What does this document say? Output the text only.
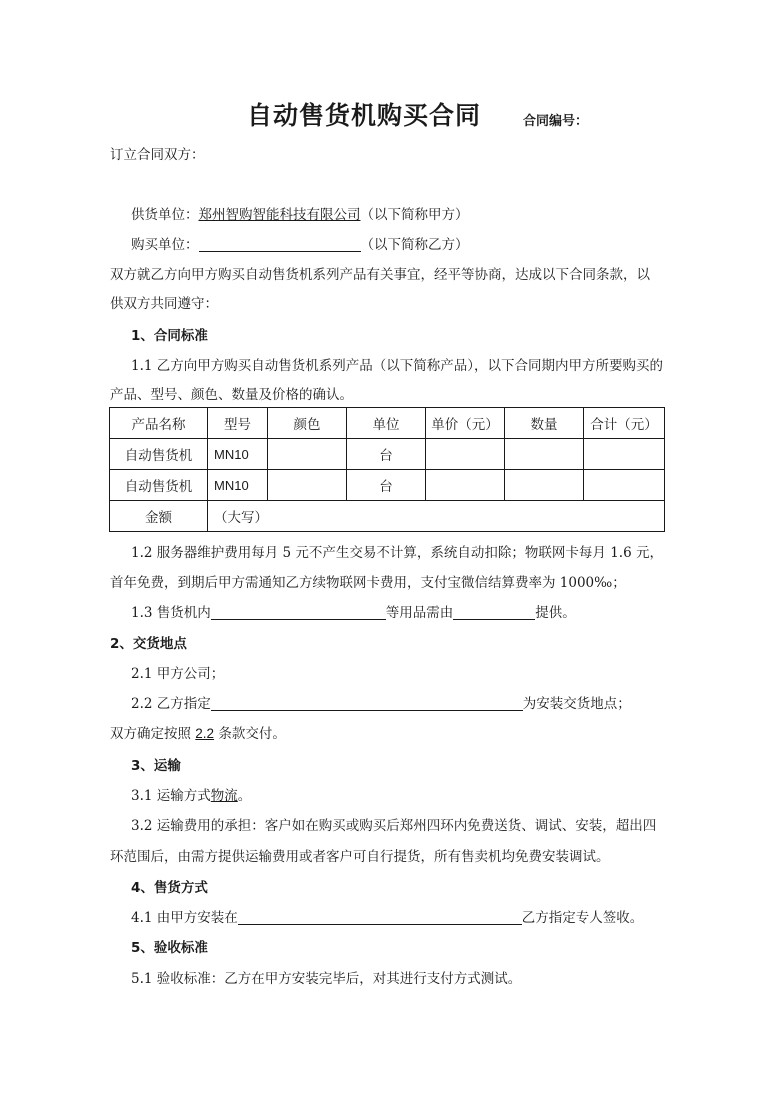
自动售货机购买合同	合同编号：
订立合同双方：
供货单位：郑州智购智能科技有限公司（以下简称甲方）
购买单位：	（以下简称乙方）
双方就乙方向甲方购买自动售货机系列产品有关事宜，经平等协商，达成以下合同条款，以
供双方共同遵守：
1、合同标准
1.1 乙方向甲方购买自动售货机系列产品（以下简称产品），以下合同期内甲方所要购买的
产品、型号、颜色、数量及价格的确认。
产品名称	型号	颜色	单位	单价（元）	数量	合计（元）
自动售货机	MN10		台			
自动售货机	MN10		台			
金额	（大写）					
1.2 服务器维护费用每月 5 元不产生交易不计算，系统自动扣除；物联网卡每月 1.6 元，
首年免费，到期后甲方需通知乙方续物联网卡费用，支付宝微信结算费率为 1000‰；
1.3 售货机内	等用品需由	提供。
2、交货地点
2.1 甲方公司；
2.2 乙方指定	为安装交货地点；
双方确定按照 2.2 条款交付。
3、运输
3.1 运输方式物流。
3.2 运输费用的承担：客户如在购买或购买后郑州四环内免费送货、调试、安装，超出四
环范围后，由需方提供运输费用或者客户可自行提货，所有售卖机均免费安装调试。
4、售货方式
4.1 由甲方安装在	乙方指定专人签收。
5、验收标准
5.1 验收标准：乙方在甲方安装完毕后，对其进行支付方式测试。
